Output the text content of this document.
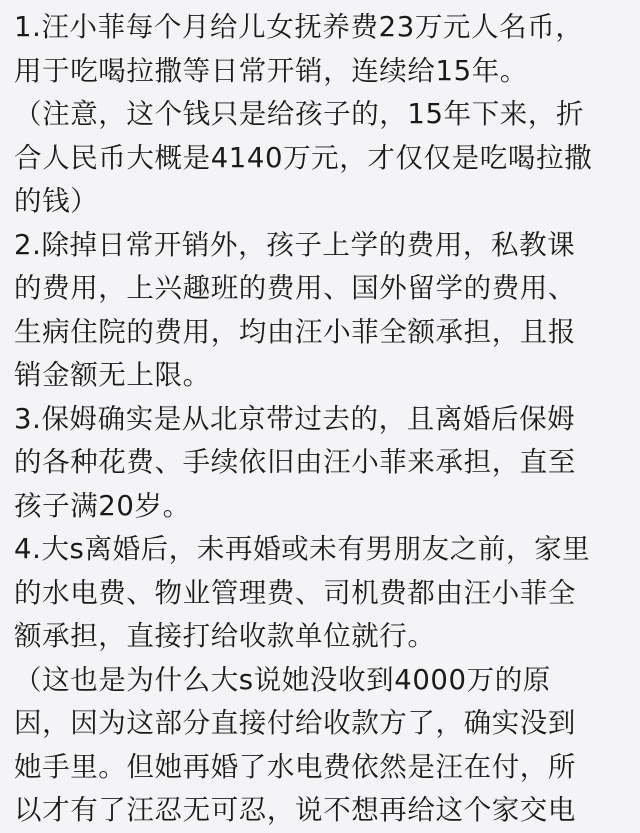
1.汪小菲每个月给儿女抚养费23万元人名币，
用于吃喝拉撒等日常开销，连续给15年。
（注意，这个钱只是给孩子的，15年下来，折
合人民币大概是4140万元，才仅仅是吃喝拉撒
的钱）
2.除掉日常开销外，孩子上学的费用，私教课
的费用，上兴趣班的费用、国外留学的费用、
生病住院的费用，均由汪小菲全额承担，且报
销金额无上限。
3.保姆确实是从北京带过去的，且离婚后保姆
的各种花费、手续依旧由汪小菲来承担，直至
孩子满20岁。
4.大s离婚后，未再婚或未有男朋友之前，家里
的水电费、物业管理费、司机费都由汪小菲全
额承担，直接打给收款单位就行。
（这也是为什么大s说她没收到4000万的原
因，因为这部分直接付给收款方了，确实没到
她手里。但她再婚了水电费依然是汪在付，所
以才有了汪忍无可忍，说不想再给这个家交电
